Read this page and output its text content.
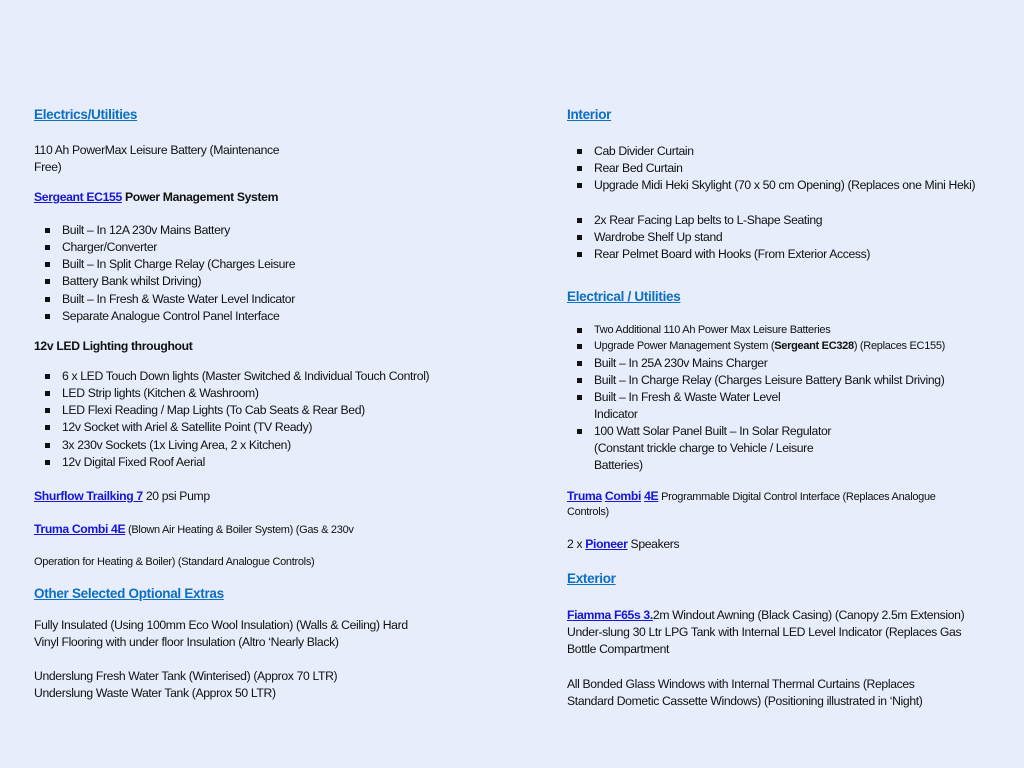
Electrics/Utilities
110 Ah PowerMax Leisure Battery (Maintenance
Free)
Sergeant EC155 Power Management System
Built – In 12A 230v Mains Battery
Charger/Converter
Built – In Split Charge Relay (Charges Leisure
Battery Bank whilst Driving)
Built – In Fresh & Waste Water Level Indicator
Separate Analogue Control Panel Interface
12v LED Lighting throughout
6 x LED Touch Down lights (Master Switched & Individual Touch Control)
LED Strip lights (Kitchen & Washroom)
LED Flexi Reading / Map Lights (To Cab Seats & Rear Bed)
12v Socket with Ariel & Satellite Point (TV Ready)
3x 230v Sockets (1x Living Area, 2 x Kitchen)
12v Digital Fixed Roof Aerial
Shurflow Trailking 7 20 psi Pump
Truma Combi 4E (Blown Air Heating & Boiler System) (Gas & 230v
Operation for Heating & Boiler) (Standard Analogue Controls)
Other Selected Optional Extras
Fully Insulated (Using 100mm Eco Wool Insulation) (Walls & Ceiling) Hard
Vinyl Flooring with under floor Insulation (Altro ‘Nearly Black)
Underslung Fresh Water Tank (Winterised) (Approx 70 LTR)
Underslung Waste Water Tank (Approx 50 LTR)
Interior
Cab Divider Curtain
Rear Bed Curtain
Upgrade Midi Heki Skylight (70 x 50 cm Opening) (Replaces one Mini Heki)
2x Rear Facing Lap belts to L-Shape Seating
Wardrobe Shelf Up stand
Rear Pelmet Board with Hooks (From Exterior Access)
Electrical / Utilities
Two Additional 110 Ah Power Max Leisure Batteries
Upgrade Power Management System (Sergeant EC328) (Replaces EC155)
Built – In 25A 230v Mains Charger
Built – In Charge Relay (Charges Leisure Battery Bank whilst Driving)
Built – In Fresh & Waste Water Level
Indicator
100 Watt Solar Panel Built – In Solar Regulator
(Constant trickle charge to Vehicle / Leisure
Batteries)
Truma Combi 4E Programmable Digital Control Interface (Replaces Analogue
Controls)
2 x Pioneer Speakers
Exterior
Fiamma F65s 3.2m Windout Awning (Black Casing) (Canopy 2.5m Extension)
Under-slung 30 Ltr LPG Tank with Internal LED Level Indicator (Replaces Gas
Bottle Compartment
All Bonded Glass Windows with Internal Thermal Curtains (Replaces
Standard Dometic Cassette Windows) (Positioning illustrated in ‘Night)
